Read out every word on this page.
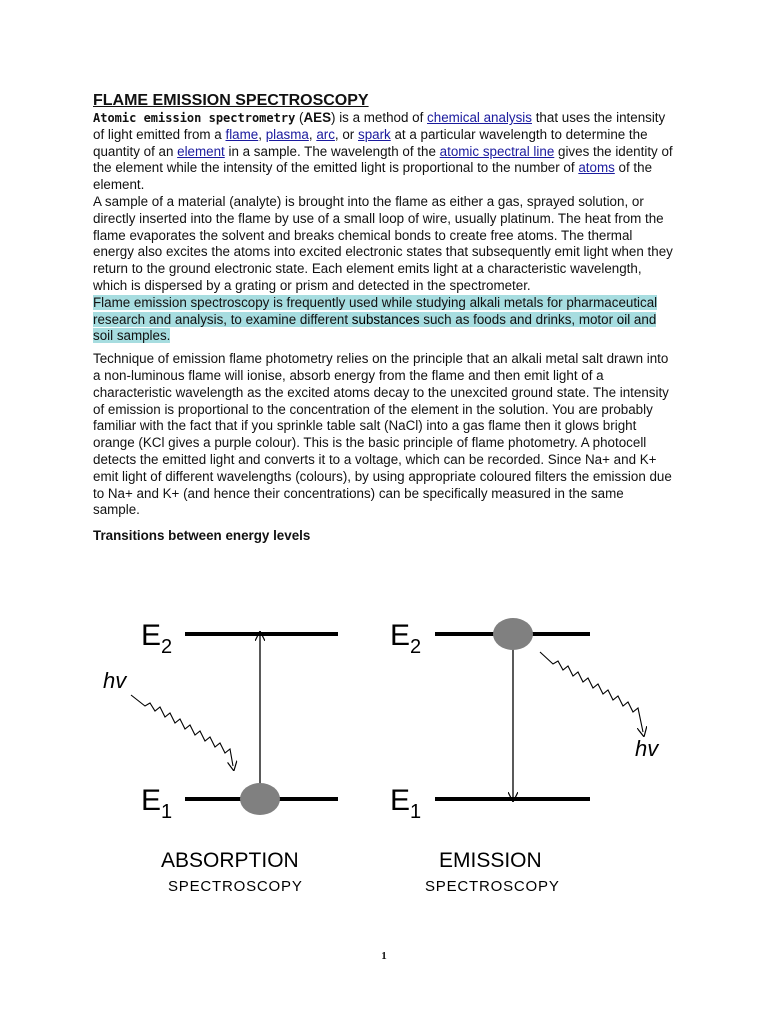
FLAME EMISSION SPECTROSCOPY

Atomic emission spectrometry (AES) is a method of chemical analysis that uses the intensity of light emitted from a flame, plasma, arc, or spark at a particular wavelength to determine the quantity of an element in a sample. The wavelength of the atomic spectral line gives the identity of the element while the intensity of the emitted light is proportional to the number of atoms of the element.

A sample of a material (analyte) is brought into the flame as either a gas, sprayed solution, or directly inserted into the flame by use of a small loop of wire, usually platinum. The heat from the flame evaporates the solvent and breaks chemical bonds to create free atoms. The thermal energy also excites the atoms into excited electronic states that subsequently emit light when they return to the ground electronic state. Each element emits light at a characteristic wavelength, which is dispersed by a grating or prism and detected in the spectrometer.

Flame emission spectroscopy is frequently used while studying alkali metals for pharmaceutical research and analysis, to examine different substances such as foods and drinks, motor oil and soil samples.

Technique of emission flame photometry relies on the principle that an alkali metal salt drawn into a non-luminous flame will ionise, absorb energy from the flame and then emit light of a characteristic wavelength as the excited atoms decay to the unexcited ground state. The intensity of emission is proportional to the concentration of the element in the solution. You are probably familiar with the fact that if you sprinkle table salt (NaCl) into a gas flame then it glows bright orange (KCl gives a purple colour). This is the basic principle of flame photometry. A photocell detects the emitted light and converts it to a voltage, which can be recorded. Since Na+ and K+ emit light of different wavelengths (colours), by using appropriate coloured filters the emission due to Na+ and K+ (and hence their concentrations) can be specifically measured in the same sample.

Transitions between energy levels

$E_2$
$E_1$
hv
ABSORPTION
SPECTROSCOPY
$E_2$
$E_1$
hv
EMISSION
SPECTROSCOPY
1
